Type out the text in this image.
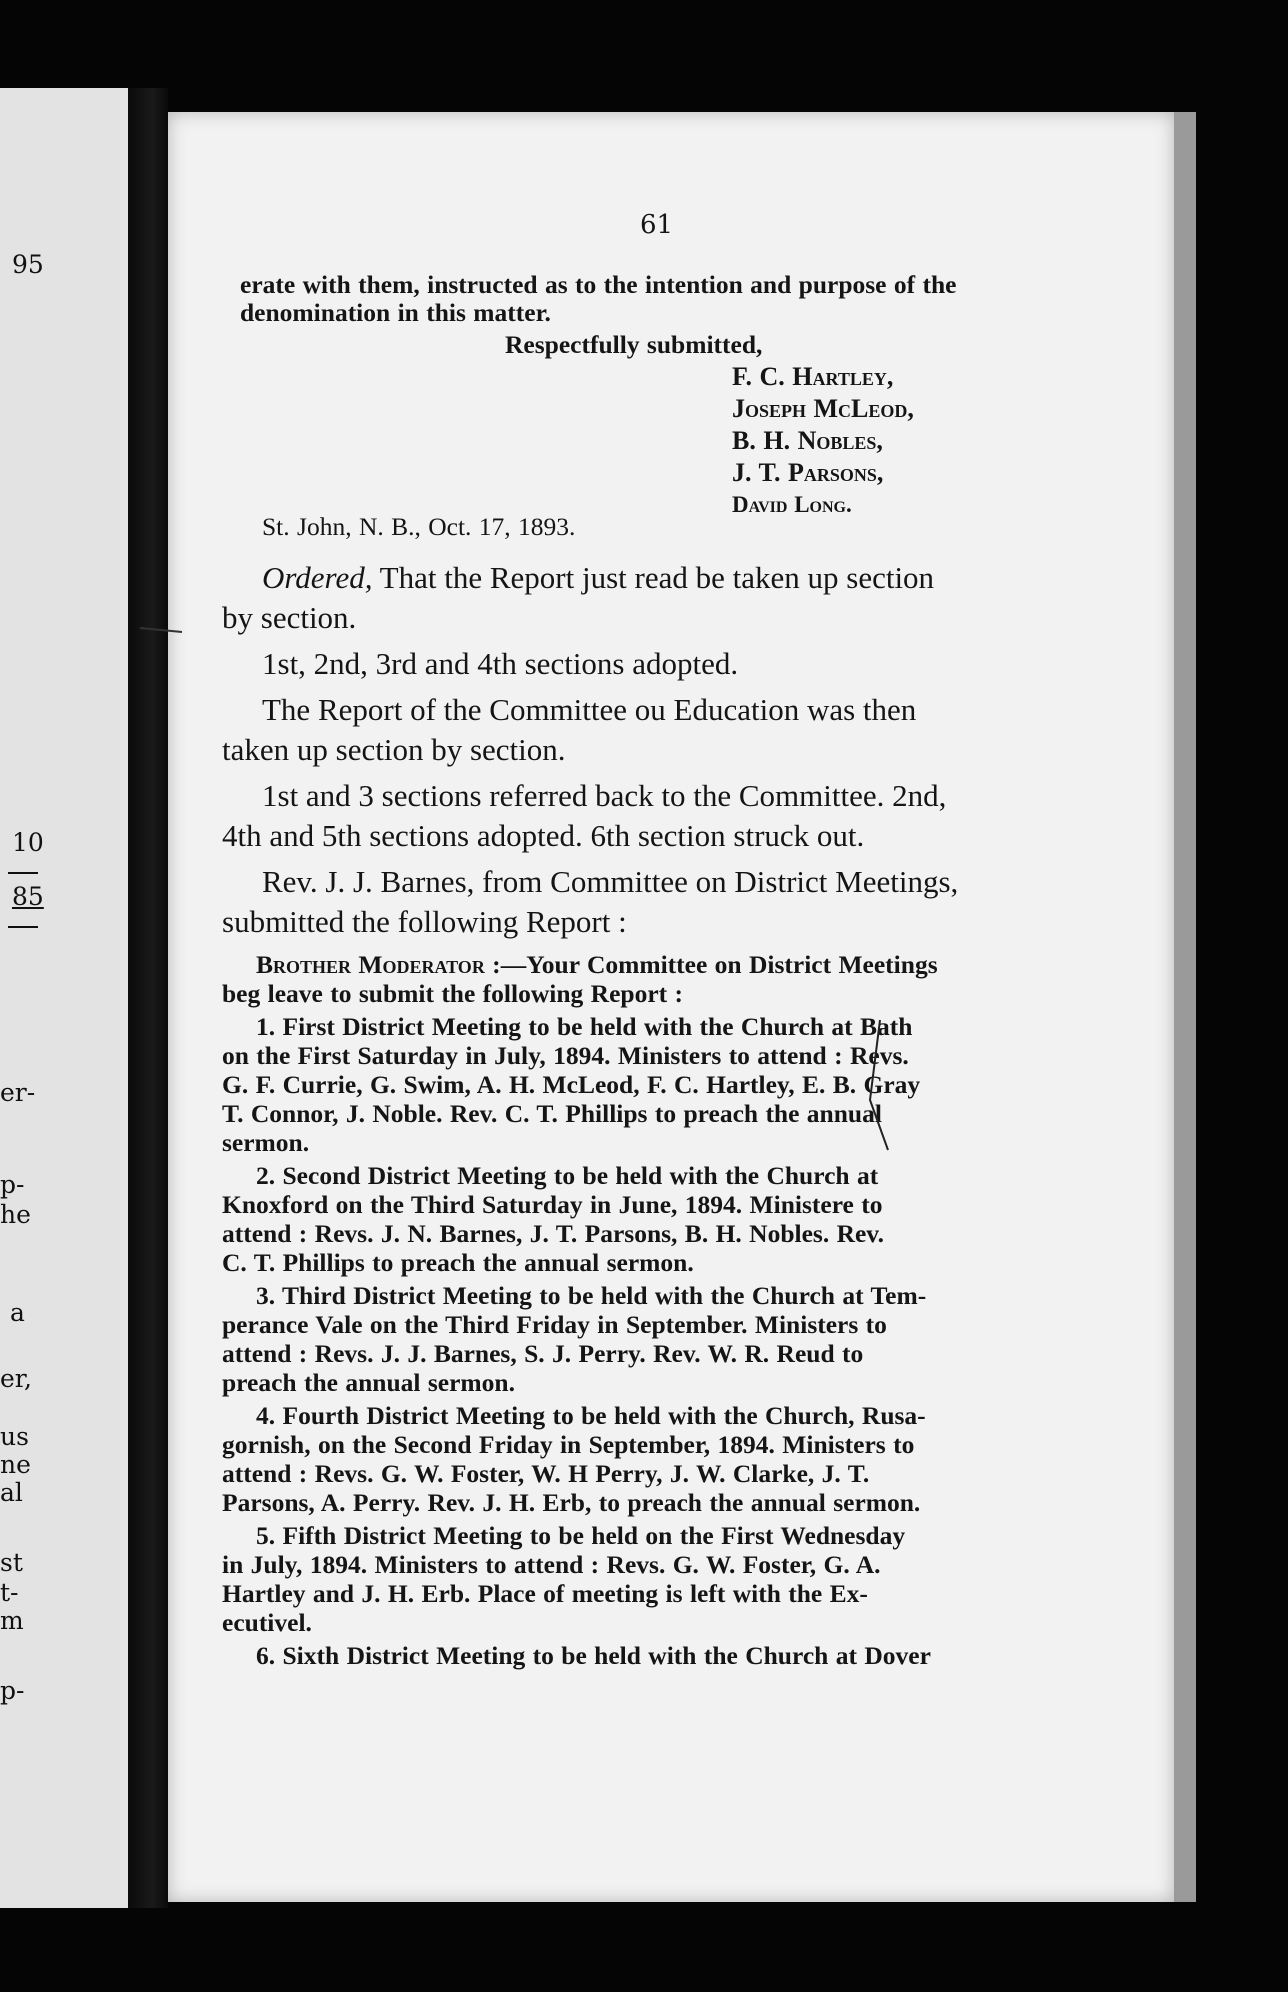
95
10
85
er-
p-
he
a
er,
us
ne
al
st
t-
m
p-
61
erate with them, instructed as to the intention and purpose of the
denomination in this matter.
Respectfully submitted,
F. C. Hartley,
Joseph McLeod,
B. H. Nobles,
J. T. Parsons,
David Long.
St. John, N. B., Oct. 17, 1893.
Ordered, That the Report just read be taken up section
by section.
1st, 2nd, 3rd and 4th sections adopted.
The Report of the Committee ou Education was then
taken up section by section.
1st and 3 sections referred back to the Committee. 2nd,
4th and 5th sections adopted. 6th section struck out.
Rev. J. J. Barnes, from Committee on District Meetings,
submitted the following Report :
Brother Moderator :—Your Committee on District Meetings
beg leave to submit the following Report :
1. First District Meeting to be held with the Church at Bath
on the First Saturday in July, 1894. Ministers to attend : Revs.
G. F. Currie, G. Swim, A. H. McLeod, F. C. Hartley, E. B. Gray
T. Connor, J. Noble. Rev. C. T. Phillips to preach the annual
sermon.
2. Second District Meeting to be held with the Church at
Knoxford on the Third Saturday in June, 1894. Ministere to
attend : Revs. J. N. Barnes, J. T. Parsons, B. H. Nobles. Rev.
C. T. Phillips to preach the annual sermon.
3. Third District Meeting to be held with the Church at Tem-
perance Vale on the Third Friday in September. Ministers to
attend : Revs. J. J. Barnes, S. J. Perry. Rev. W. R. Reud to
preach the annual sermon.
4. Fourth District Meeting to be held with the Church, Rusa-
gornish, on the Second Friday in September, 1894. Ministers to
attend : Revs. G. W. Foster, W. H Perry, J. W. Clarke, J. T.
Parsons, A. Perry. Rev. J. H. Erb, to preach the annual sermon.
5. Fifth District Meeting to be held on the First Wednesday
in July, 1894. Ministers to attend : Revs. G. W. Foster, G. A.
Hartley and J. H. Erb. Place of meeting is left with the Ex-
ecutivel.
6. Sixth District Meeting to be held with the Church at Dover
